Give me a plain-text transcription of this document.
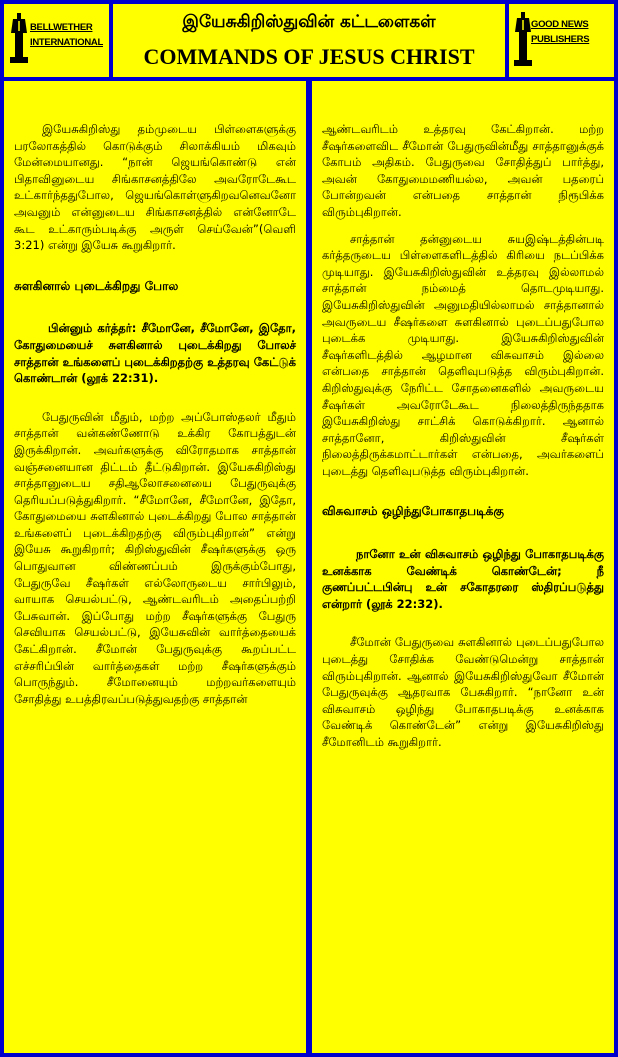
BELLWETHER
INTERNATIONAL
இயேசுகிறிஸ்துவின் கட்டளைகள்
COMMANDS OF JESUS CHRIST
GOOD NEWS
PUBLISHERS

இயேசுகிறிஸ்து தம்முடைய பிள்ளைகளுக்கு பரலோகத்தில் கொடுக்கும் சிலாக்கியம் மிகவும் மேன்மையானது. “நான் ஜெயங்கொண்டு என் பிதாவினுடைய சிங்காசனத்திலே அவரோடேகூட உட்கார்ந்ததுபோல, ஜெயங்கொள்ளுகிறவனெவனோ அவனும் என்னுடைய சிங்காசனத்தில் என்னோடே கூட உட்காரும்படிக்கு அருள் செய்வேன்”(வெளி 3:21) என்று இயேசு கூறுகிறார்.

சுளகினால் புடைக்கிறது போல

பின்னும் கர்த்தர்: சீமோனே, சீமோனே, இதோ, கோதுமையைச் சுளகினால் புடைக்கிறது போலச் சாத்தான் உங்களைப் புடைக்கிறதற்கு உத்தரவு கேட்டுக் கொண்டான் (லூக் 22:31).

பேதுருவின் மீதும், மற்ற அப்போஸ்தலர் மீதும் சாத்தான் வன்கண்ணோடு உக்கிர கோபத்துடன் இருக்கிறான். அவர்களுக்கு விரோதமாக சாத்தான் வஞ்சனையான திட்டம் தீட்டுகிறான். இயேசுகிறிஸ்து சாத்தானுடைய சதிஆலோசனையை பேதுருவுக்கு தெரியப்படுத்துகிறார். “சீமோனே, சீமோனே, இதோ, கோதுமையை சுளகினால் புடைக்கிறது போல சாத்தான் உங்களைப் புடைக்கிறதற்கு விரும்புகிறான்” என்று இயேசு கூறுகிறார்; கிறிஸ்துவின் சீஷர்களுக்கு ஒரு பொதுவான விண்ணப்பம் இருக்கும்போது, பேதுருவே சீஷர்கள் எல்லோருடைய சார்பிலும், வாயாக செயல்பட்டு, ஆண்டவரிடம் அதைப்பற்றி பேசுவான். இப்போது மற்ற சீஷர்களுக்கு பேதுரு செவியாக செயல்பட்டு, இயேசுவின் வார்த்தையைக் கேட்கிறான். சீமோன் பேதுருவுக்கு கூறப்பட்ட எச்சரிப்பின் வார்த்தைகள் மற்ற சீஷர்களுக்கும் பொருந்தும். சீமோனையும் மற்றவர்களையும் சோதித்து உபத்திரவப்படுத்துவதற்கு சாத்தான்

ஆண்டவரிடம் உத்தரவு கேட்கிறான். மற்ற சீஷர்களைவிட சீமோன் பேதுருவின்மீது சாத்தானுக்குக் கோபம் அதிகம். பேதுருவை சோதித்துப் பார்த்து, அவன் கோதுமைமணியல்ல, அவன் பதரைப் போன்றவன் என்பதை சாத்தான் நிரூபிக்க விரும்புகிறான்.

சாத்தான் தன்னுடைய சுயஇஷ்டத்தின்படி கர்த்தருடைய பிள்ளைகளிடத்தில் கிரியை நடப்பிக்க முடியாது. இயேசுகிறிஸ்துவின் உத்தரவு இல்லாமல் சாத்தான் நம்மைத் தொடமுடியாது. இயேசுகிறிஸ்துவின் அனுமதியில்லாமல் சாத்தானால் அவருடைய சீஷர்களை சுளகினால் புடைப்பதுபோல புடைக்க முடியாது. இயேசுகிறிஸ்துவின் சீஷர்களிடத்தில் ஆழமான விசுவாசம் இல்லை என்பதை சாத்தான் தெளிவுபடுத்த விரும்புகிறான். கிறிஸ்துவுக்கு நேரிட்ட சோதனைகளில் அவருடைய சீஷர்கள் அவரோடேகூட நிலைத்திருந்ததாக இயேசுகிறிஸ்து சாட்சிக் கொடுக்கிறார். ஆனால் சாத்தானோ, கிறிஸ்துவின் சீஷர்கள் நிலைத்திருக்கமாட்டார்கள் என்பதை, அவர்களைப் புடைத்து தெளிவுபடுத்த விரும்புகிறான்.

விசுவாசம் ஒழிந்துபோகாதபடிக்கு

நானோ உன் விசுவாசம் ஒழிந்து போகாதபடிக்கு உனக்காக வேண்டிக் கொண்டேன்; நீ குணப்பட்டபின்பு உன் சகோதரரை ஸ்திரப்படுத்து என்றார் (லூக் 22:32).

சீமோன் பேதுருவை சுளகினால் புடைப்பதுபோல புடைத்து சோதிக்க வேண்டுமென்று சாத்தான் விரும்புகிறான். ஆனால் இயேசுகிறிஸ்துவோ சீமோன் பேதுருவுக்கு ஆதரவாக பேசுகிறார். “நானோ உன் விசுவாசம் ஒழிந்து போகாதபடிக்கு உனக்காக வேண்டிக் கொண்டேன்” என்று இயேசுகிறிஸ்து சீமோனிடம் கூறுகிறார்.
